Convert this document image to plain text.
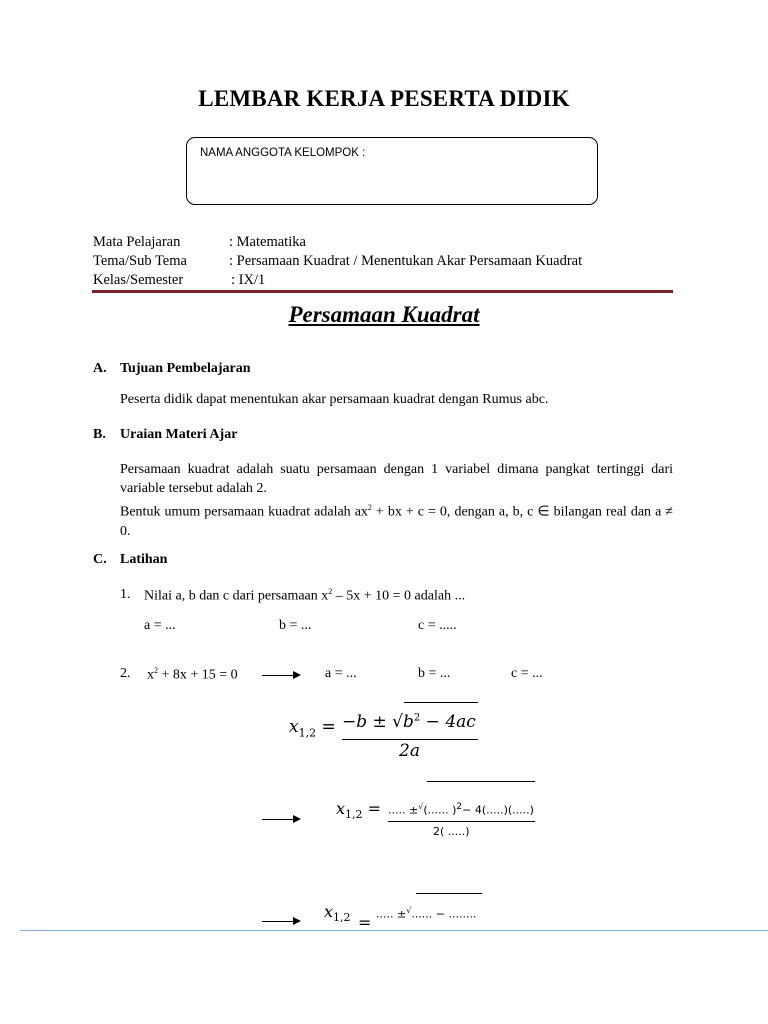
LEMBAR KERJA PESERTA DIDIK
NAMA ANGGOTA KELOMPOK :
Mata Pelajaran	: Matematika
Tema/Sub Tema	: Persamaan Kuadrat / Menentukan Akar Persamaan Kuadrat
Kelas/Semester	: IX/1
Persamaan Kuadrat
A. Tujuan Pembelajaran
Peserta didik dapat menentukan akar persamaan kuadrat dengan Rumus abc.
B. Uraian Materi Ajar
Persamaan kuadrat adalah suatu persamaan dengan 1 variabel dimana pangkat tertinggi dari variable tersebut adalah 2.
Bentuk umum persamaan kuadrat adalah $ax^2$ + bx + c = 0, dengan a, b, c ∈ bilangan real dan a ≠ 0.
C. Latihan
1. Nilai a, b dan c dari persamaan $x^2 - 5x + 10 = 0$ adalah ...
a = ...	b = ...	c = .....
2. $x^2 + 8x + 15 = 0$	a = ...	b = ...	c = ...
$x_{1,2} = -b \pm √b^2 - 4ac$
2a
$x_{1,2}$ = ..... ±√(...... )$^2$− 4(.....)(.....)
2( .....)
$x_{1,2}$ = ..... ±√...... − ........
